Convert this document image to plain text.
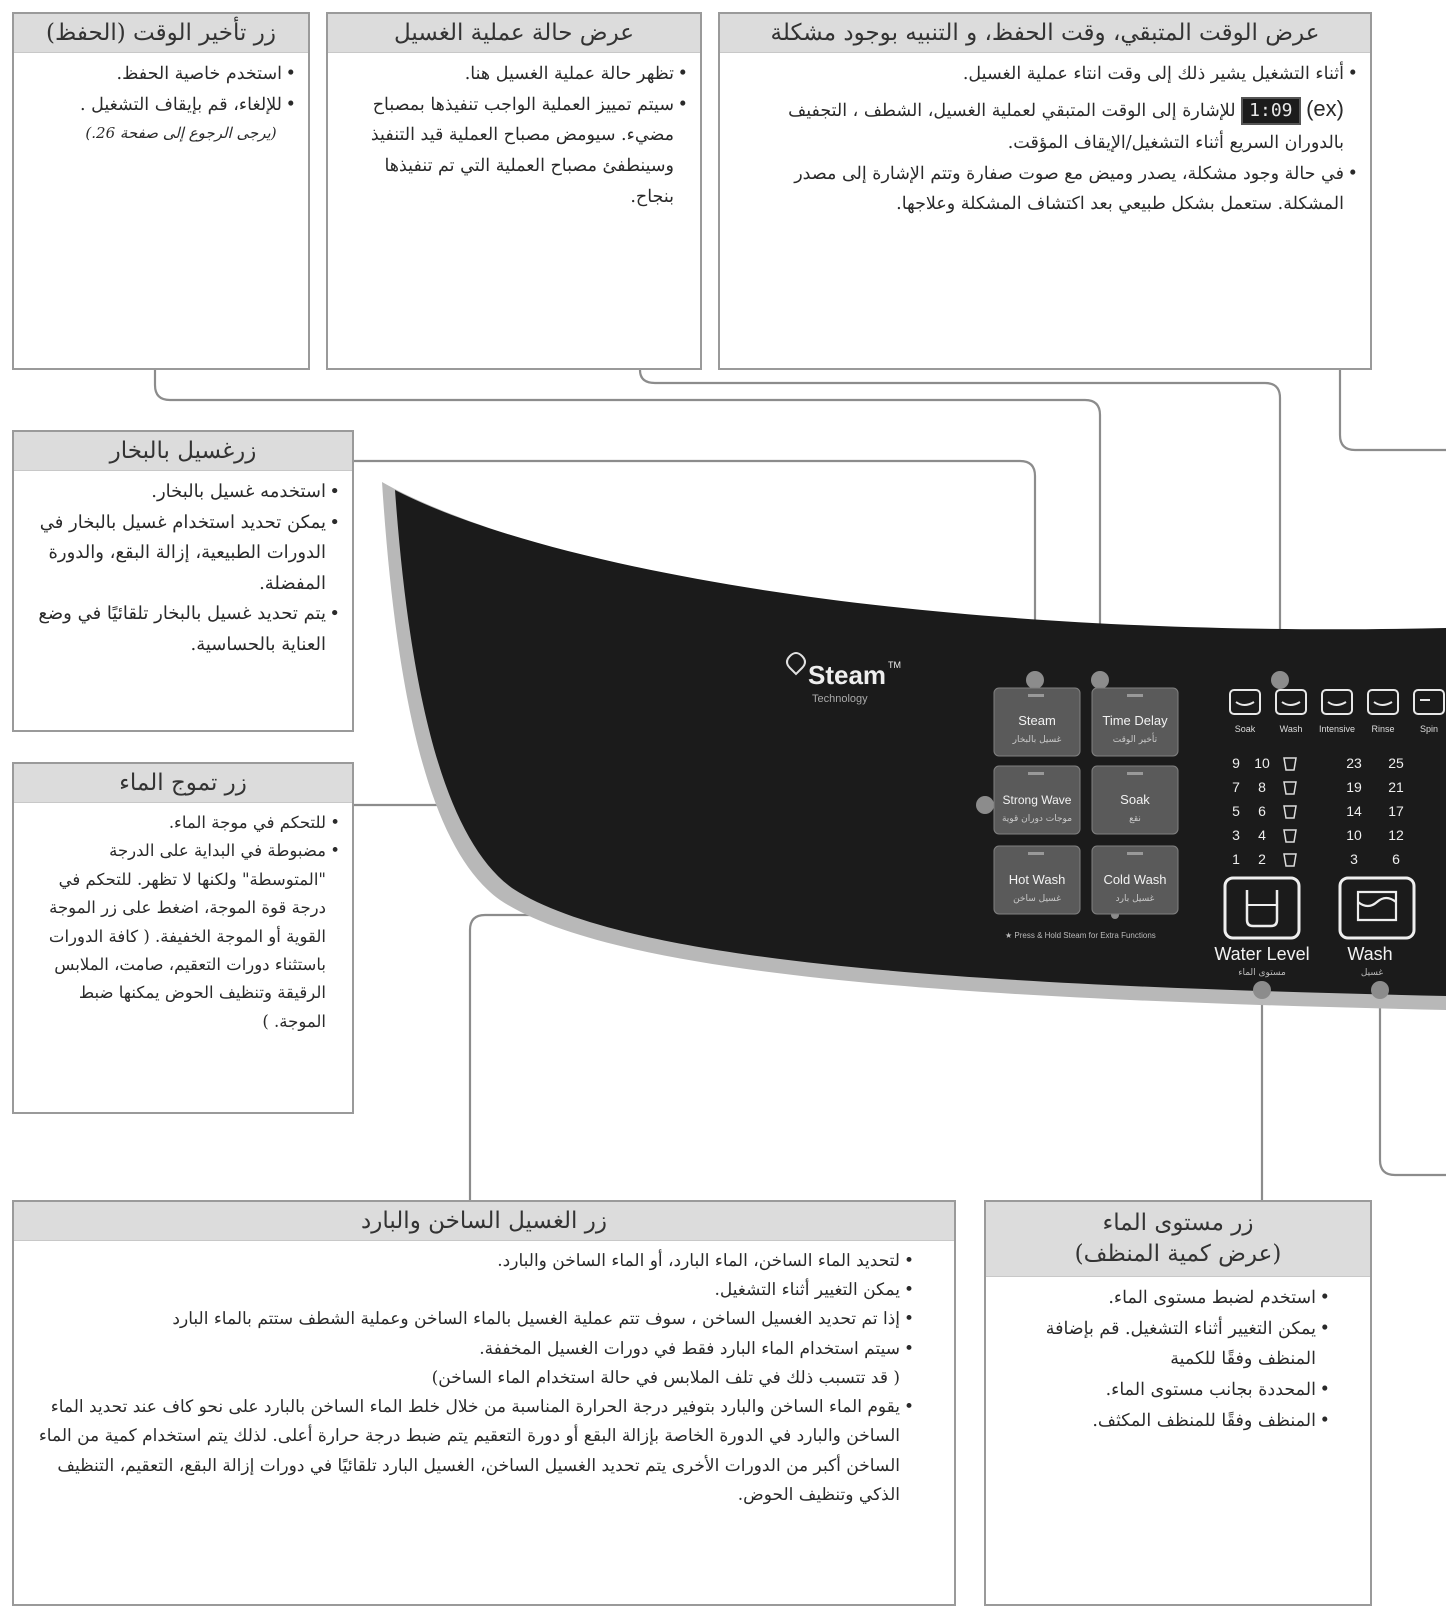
Steam TM
Technology
Steam
غسيل بالبخار
Time Delay
تأخير الوقت
Strong Wave
موجات دوران قوية
Soak
نقع
Hot Wash
غسيل ساخن
Cold Wash
غسيل بارد
★ Press & Hold Steam for Extra Functions
Soak	Wash Intensive Rinse	Spin
9 10
7 8
5 6
3 4
1 2
23 25
19 21
14 17
10 12
3 6
Water Level
مستوى الماء
Wash
غسيل
زر تأخير الوقت (الحفظ)
• استخدم خاصية الحفظ.
• للإلغاء، قم بإيقاف التشغيل .
(يرجى الرجوع إلى صفحة 26.)
عرض حالة عملية الغسيل
• تظهر حالة عملية الغسيل هنا.
• سيتم تمييز العملية الواجب تنفيذها بمصباح مضيء. سيومض مصباح العملية قيد التنفيذ وسينطفئ مصباح العملية التي تم تنفيذها بنجاح.
عرض الوقت المتبقي، وقت الحفظ، و التنبيه بوجود مشكلة
• أثناء التشغيل يشير ذلك إلى وقت انتاء عملية الغسيل.
(ex) 1:09 للإشارة إلى الوقت المتبقي لعملية الغسيل، الشطف ، التجفيف بالدوران السريع أثناء التشغيل/الإيقاف المؤقت.
• في حالة وجود مشكلة، يصدر وميض مع صوت صفارة وتتم الإشارة إلى مصدر المشكلة. ستعمل بشكل طبيعي بعد اكتشاف المشكلة وعلاجها.
زرغسيل بالبخار
• استخدمه غسيل بالبخار.
• يمكن تحديد استخدام غسيل بالبخار في الدورات الطبيعية، إزالة البقع، والدورة المفضلة.
• يتم تحديد غسيل بالبخار تلقائيًا في وضع العناية بالحساسية.
زر تموج الماء
• للتحكم في موجة الماء.
• مضبوطة في البداية على الدرجة "المتوسطة" ولكنها لا تظهر. للتحكم في درجة قوة الموجة، اضغط على زر الموجة القوية أو الموجة الخفيفة. ( كافة الدورات باستثناء دورات التعقيم، صامت، الملابس الرقيقة وتنظيف الحوض يمكنها ضبط الموجة. )
زر الغسيل الساخن والبارد
• لتحديد الماء الساخن، الماء البارد، أو الماء الساخن والبارد.
• يمكن التغيير أثناء التشغيل.
• إذا تم تحديد الغسيل الساخن ، سوف تتم عملية الغسيل بالماء الساخن وعملية الشطف ستتم بالماء البارد
• سيتم استخدام الماء البارد فقط في دورات الغسيل المخففة.
( قد تتسبب ذلك في تلف الملابس في حالة استخدام الماء الساخن)
• يقوم الماء الساخن والبارد بتوفير درجة الحرارة المناسبة من خلال خلط الماء الساخن بالبارد على نحو كاف عند تحديد الماء الساخن والبارد في الدورة الخاصة بإزالة البقع أو دورة التعقيم يتم ضبط درجة حرارة أعلى. لذلك يتم استخدام كمية من الماء الساخن أكبر من الدورات الأخرى يتم تحديد الغسيل الساخن، الغسيل البارد تلقائيًا في دورات إزالة البقع، التعقيم، التنظيف الذكي وتنظيف الحوض.
زر مستوى الماء
(عرض كمية المنظف)
• استخدم لضبط مستوى الماء.
• يمكن التغيير أثناء التشغيل. قم بإضافة المنظف وفقًا للكمية
• المحددة بجانب مستوى الماء.
• المنظف وفقًا للمنظف المكثف.
